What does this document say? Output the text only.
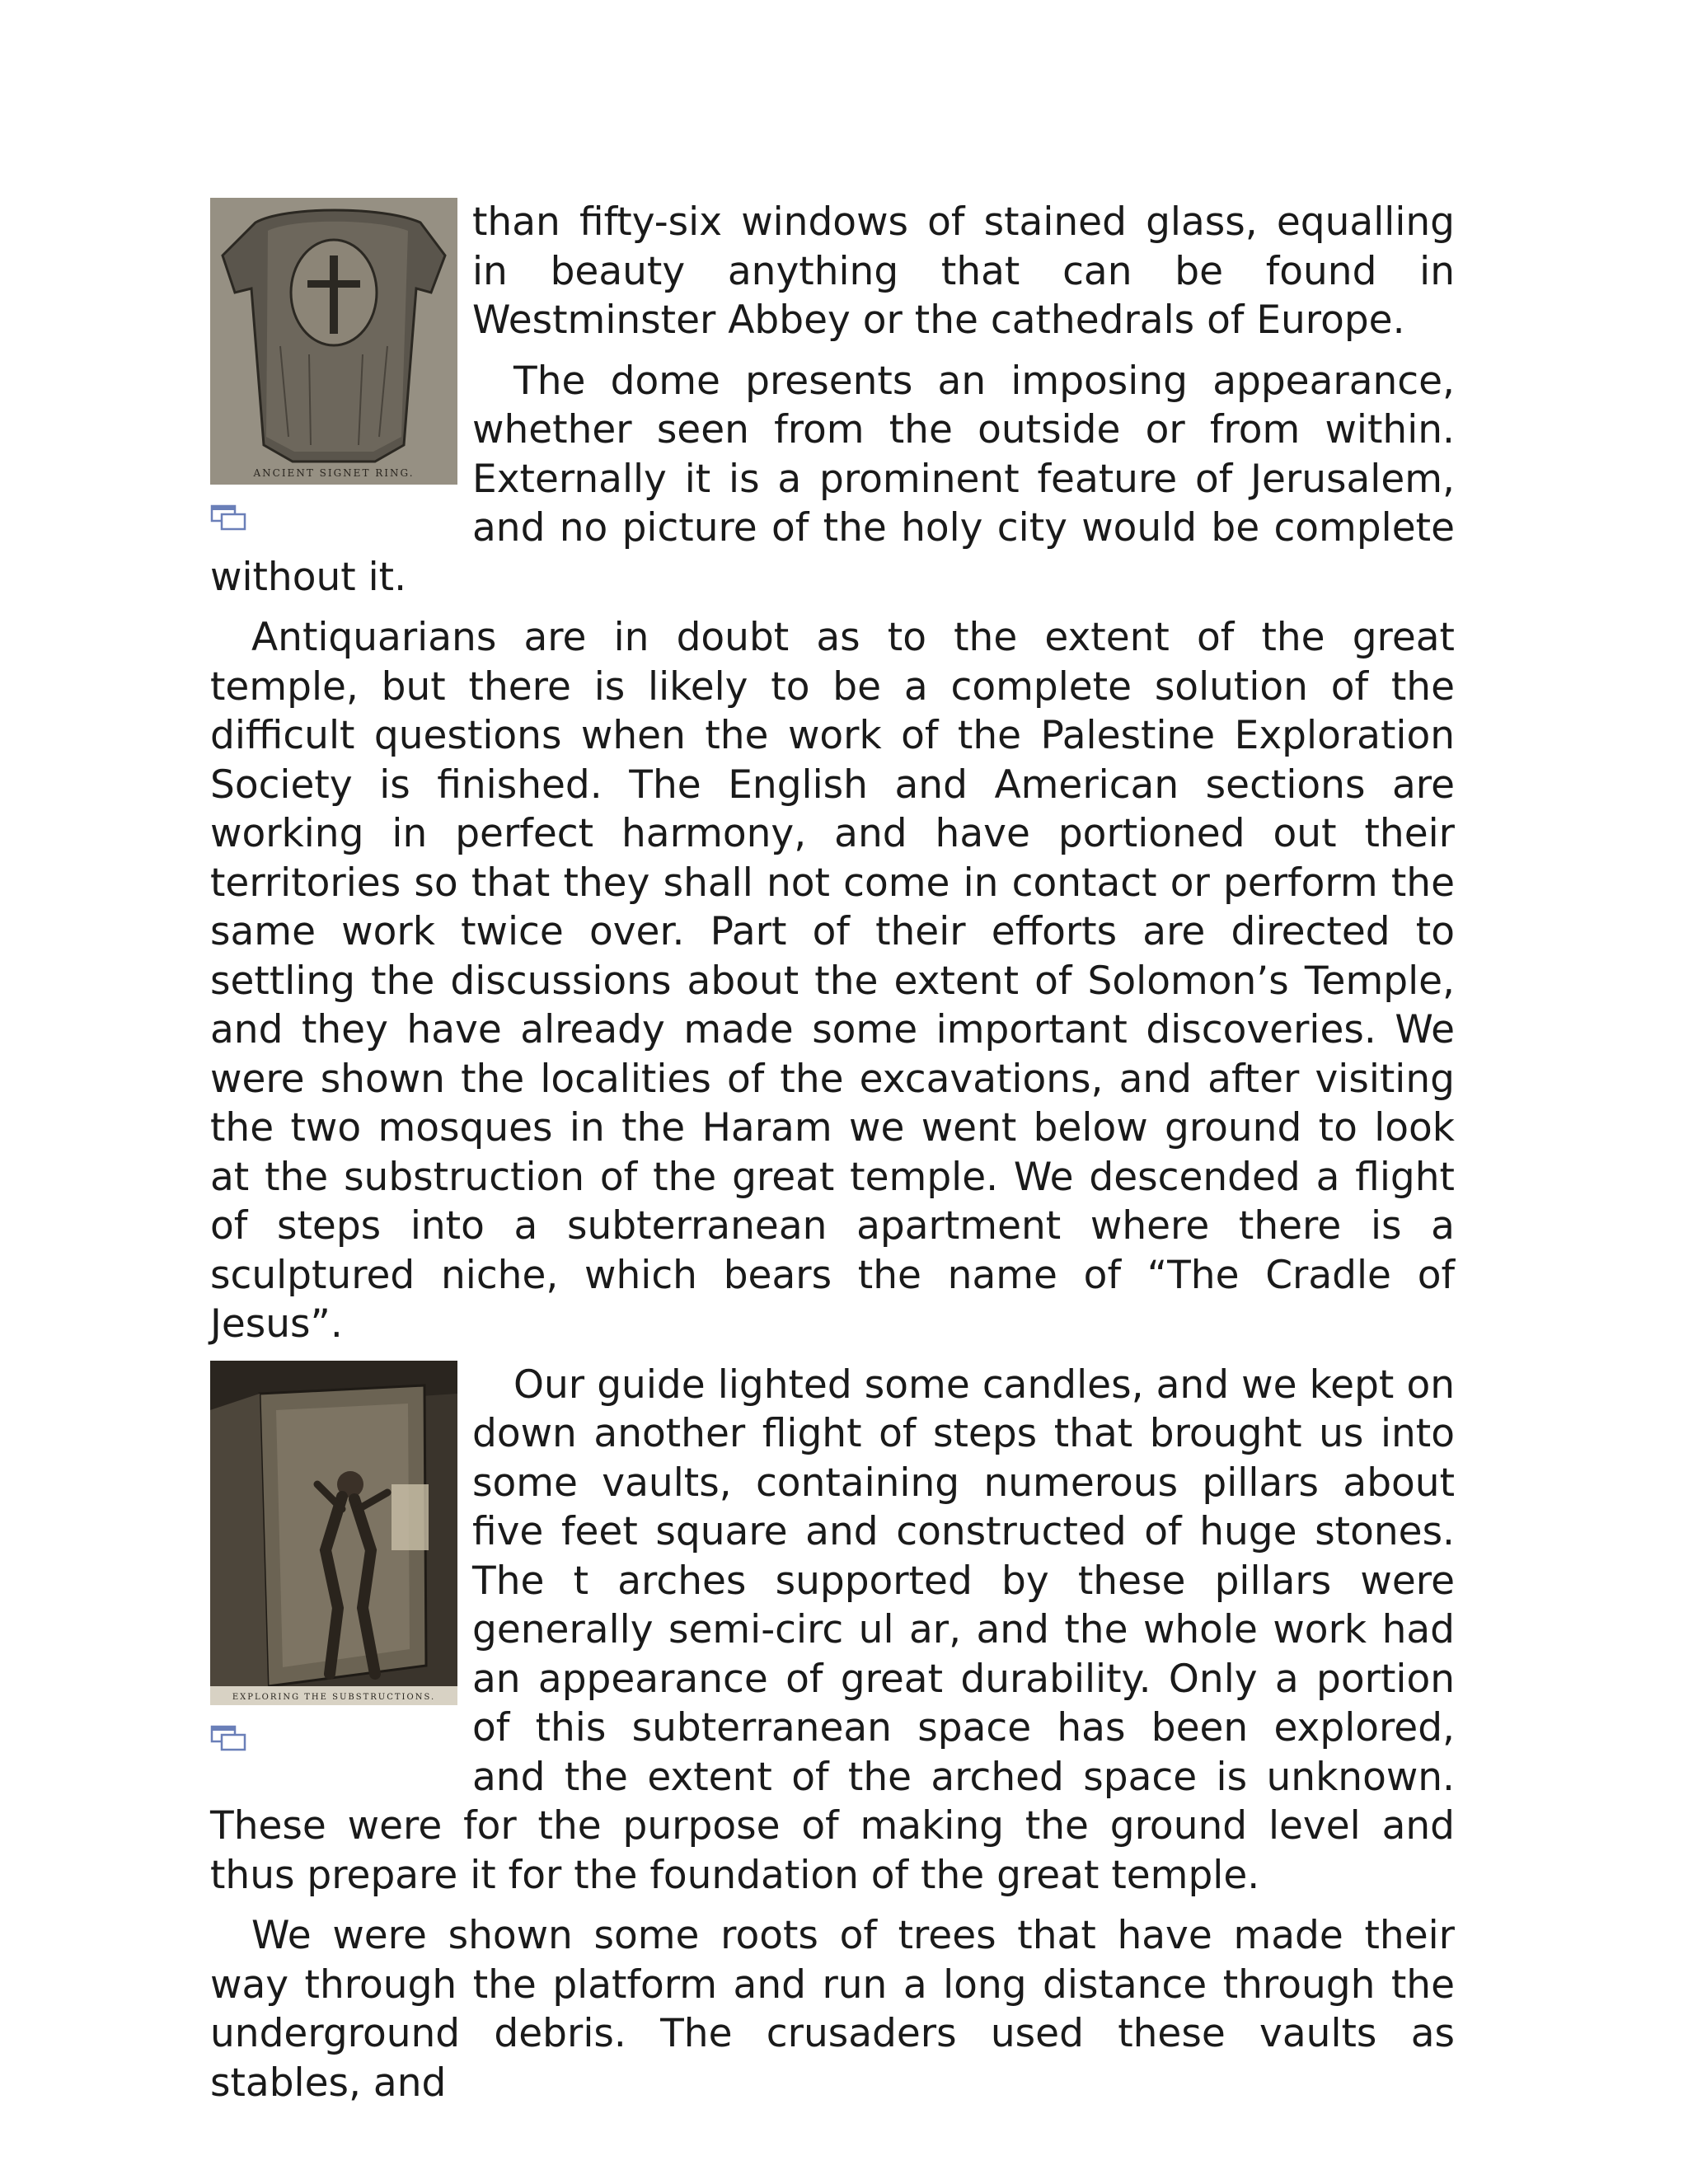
ANCIENT SIGNET RING.

than fifty-six windows of stained glass, equalling in beauty anything that can be found in Westminster Abbey or the cathedrals of Europe.

The dome presents an imposing appearance, whether seen from the outside or from within. Externally it is a prominent feature of Jerusalem, and no picture of the holy city would be complete without it.

Antiquarians are in doubt as to the extent of the great temple, but there is likely to be a complete solution of the difficult questions when the work of the Palestine Exploration Society is finished. The English and American sections are working in perfect harmony, and have portioned out their territories so that they shall not come in contact or perform the same work twice over. Part of their efforts are directed to settling the discussions about the extent of Solomon’s Temple, and they have already made some important discoveries. We were shown the localities of the excavations, and after visiting the two mosques in the Haram we went below ground to look at the substruction of the great temple. We descended a flight of steps into a subterranean apartment where there is a sculptured niche, which bears the name of “The Cradle of Jesus”.

EXPLORING THE SUBSTRUCTIONS.

Our guide lighted some candles, and we kept on down another flight of steps that brought us into some vaults, containing numerous pillars about five feet square and constructed of huge stones. The t arches supported by these pillars were generally semi-circ ul ar, and the whole work had an appearance of great durability. Only a portion of this subterranean space has been explored, and the extent of the arched space is unknown. These were for the purpose of making the ground level and thus prepare it for the foundation of the great temple.

We were shown some roots of trees that have made their way through the platform and run a long distance through the underground debris. The crusaders used these vaults as stables, and
